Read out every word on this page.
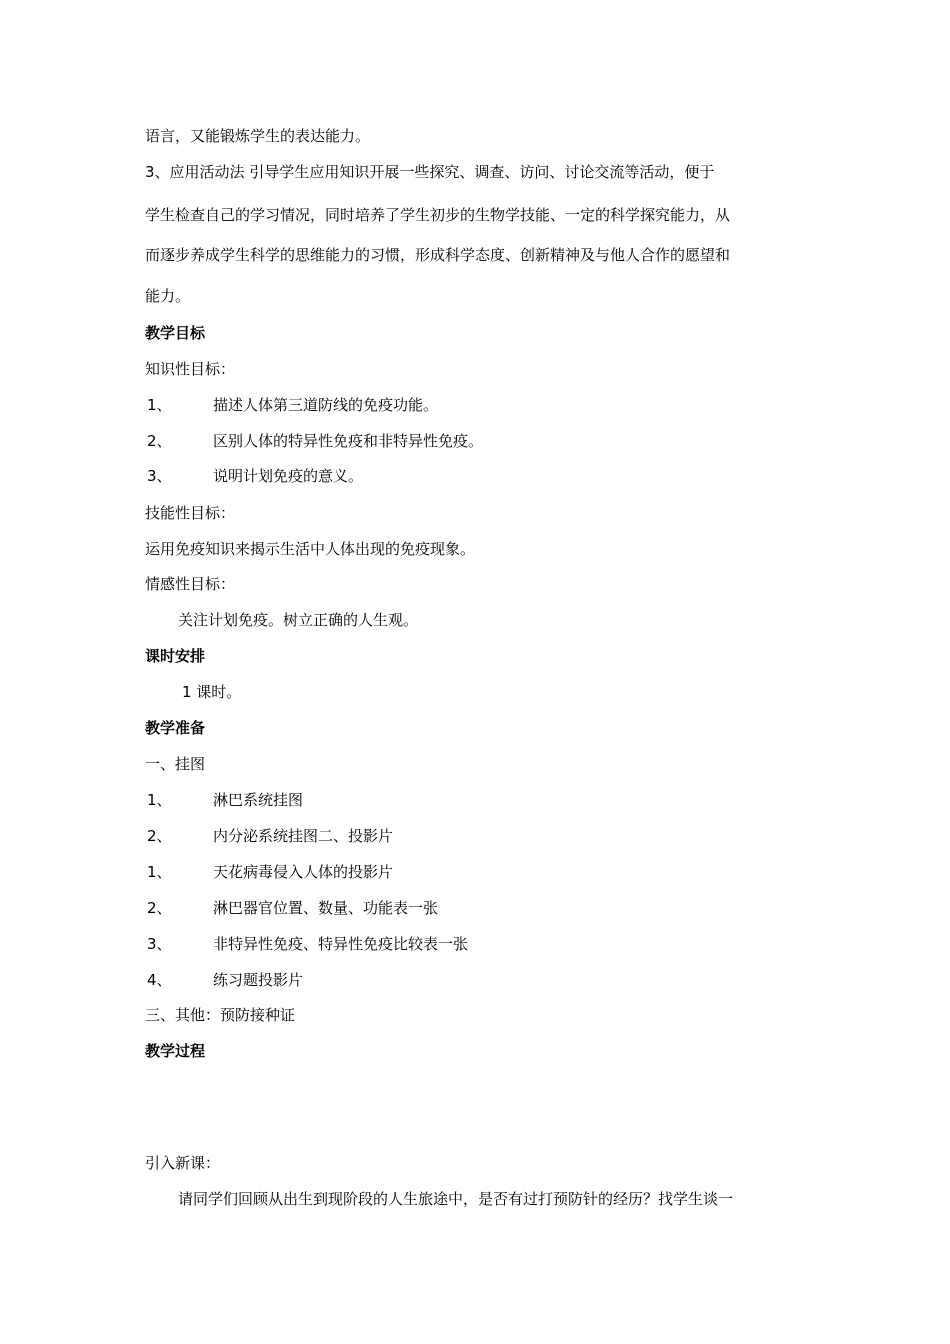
语言，又能锻炼学生的表达能力。
3、应用活动法 引导学生应用知识开展一些探究、调查、访问、讨论交流等活动，便于
学生检查自己的学习情况，同时培养了学生初步的生物学技能、一定的科学探究能力，从
而逐步养成学生科学的思维能力的习惯，形成科学态度、创新精神及与他人合作的愿望和
能力。
教学目标
知识性目标：
1、	描述人体第三道防线的免疫功能。
2、	区别人体的特异性免疫和非特异性免疫。
3、	说明计划免疫的意义。
技能性目标：
运用免疫知识来揭示生活中人体出现的免疫现象。
情感性目标：
关注计划免疫。树立正确的人生观。
课时安排
1 课时。
教学准备
一、挂图
1、	淋巴系统挂图
2、	内分泌系统挂图二、投影片
1、	天花病毒侵入人体的投影片
2、	淋巴器官位置、数量、功能表一张
3、	非特异性免疫、特异性免疫比较表一张
4、	练习题投影片
三、其他：预防接种证
教学过程
引入新课：
请同学们回顾从出生到现阶段的人生旅途中，是否有过打预防针的经历？找学生谈一
